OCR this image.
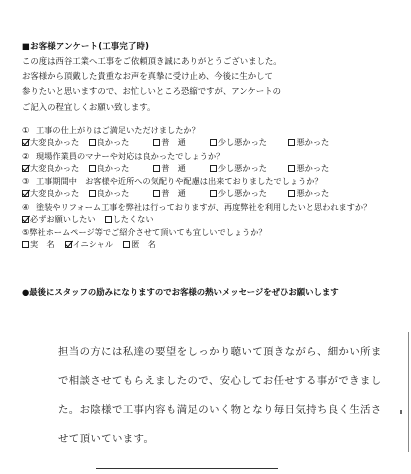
■お客様アンケート(工事完了時)
この度は西谷工業へ工事をご依頼頂き誠にありがとうございました。
お客様から頂戴した貴重なお声を真摯に受け止め、今後に生かして
参りたいと思いますので、お忙しいところ恐縮ですが、アンケートの
ご記入の程宜しくお願い致します。
① 工事の仕上がりはご満足いただけましたか？
大変良かった 良かった	普　通	少し悪かった	悪かった
② 現場作業員のマナーや対応は良かったでしょうか？
大変良かった 良かった	普　通	少し悪かった	悪かった
③ 工事期間中　お客様や近所への気配りや配慮は出来ておりましたでしょうか？
大変良かった 良かった	普　通	少し悪かった	悪かった
④ 塗装やリフォーム工事を弊社は行っておりますが、再度弊社を利用したいと思われますか？
必ずお願いしたい したくない
⑤弊社ホームページ等でご紹介させて頂いても宜しいでしょうか？
実　名 イニシャル 匿　名
●最後にスタッフの励みになりますのでお客様の熱いメッセージをぜひお願いします
担当の方には私達の要望をしっかり聴いて頂きながら、細かい所ま
で相談させてもらえましたので、安心してお任せする事ができまし
た。お陰様で工事内容も満足のいく物となり毎日気持ち良く生活さ
せて頂いています。
